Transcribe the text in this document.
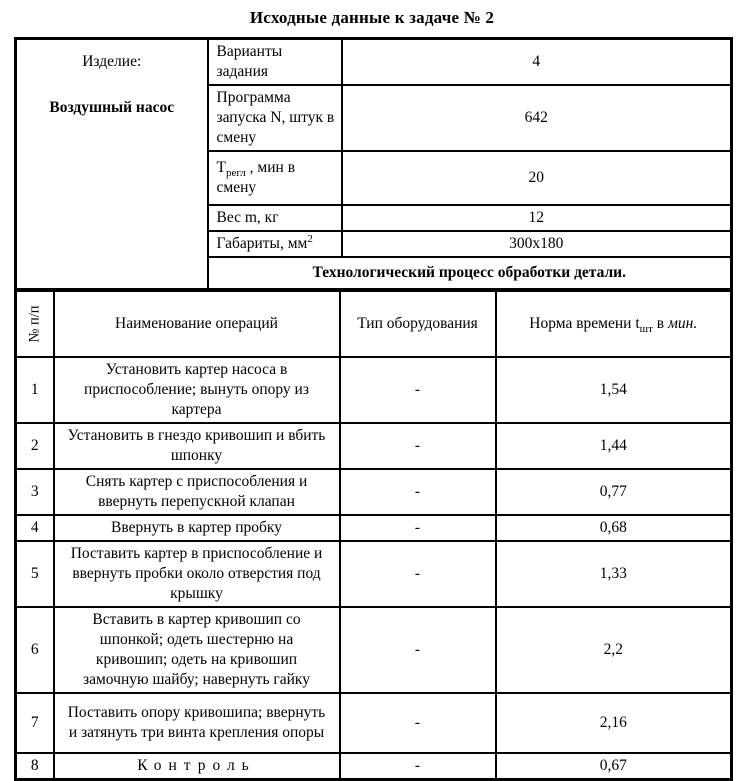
Исходные данные к задаче № 2
Изделие:
Воздушный насос	Варианты задания	4
	Программа запуска N, штук в смену	642
	$T_{регл}$ , мин в смену	20
	Вес m, кг	12
	Габариты, $мм^2$	300x180
	Технологический процесс обработки детали.	
№ п/п	Наименование операций	Тип оборудования	Норма времени $t_{шт}$ в мин.
1	Установить картер насоса в приспособление; вынуть опору из картера	-	1,54
2	Установить в гнездо кривошип и вбить шпонку	-	1,44
3	Снять картер с приспособления и ввернуть перепускной клапан	-	0,77
4	Ввернуть в картер пробку	-	0,68
5	Поставить картер в приспособление и ввернуть пробки около отверстия под крышку	-	1,33
6	Вставить в картер кривошип со шпонкой; одеть шестерню на кривошип; одеть на кривошип замочную шайбу; навернуть гайку	-	2,2
7	Поставить опору кривошипа; ввернуть и затянуть три винта крепления опоры	-	2,16
8	Контроль	-	0,67
